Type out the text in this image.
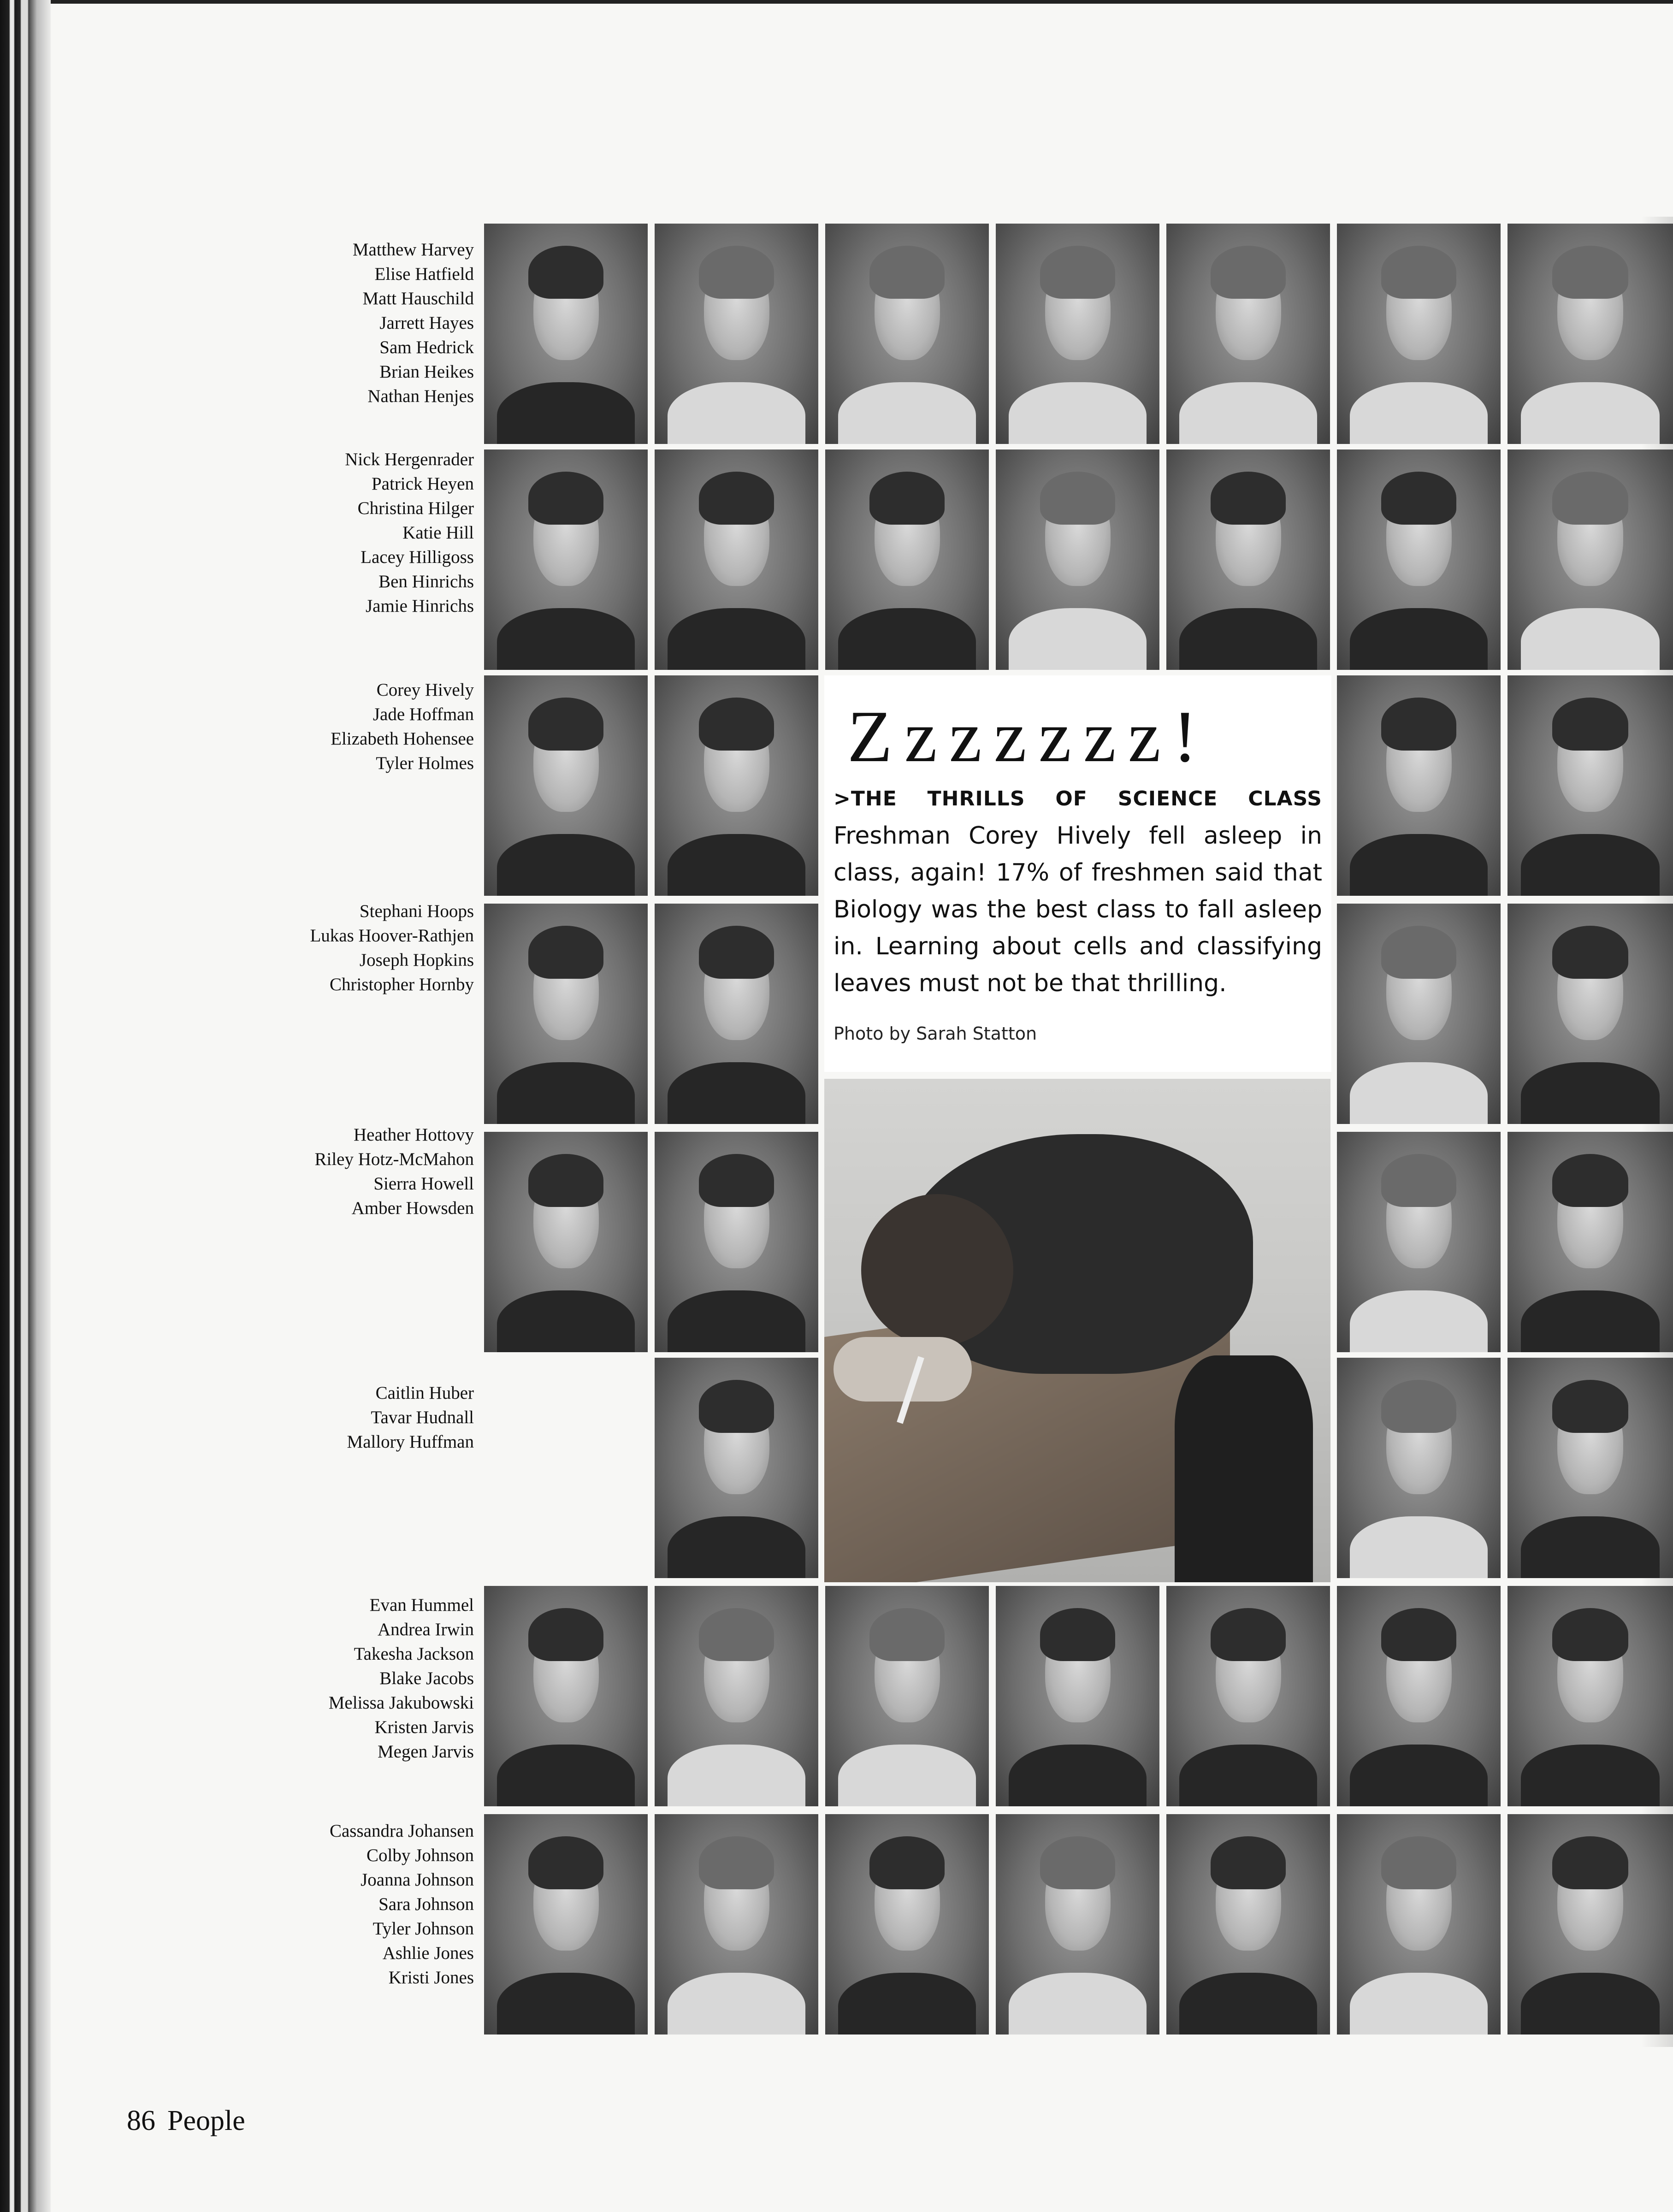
Matthew Harvey
Elise Hatfield
Matt Hauschild
Jarrett Hayes
Sam Hedrick
Brian Heikes
Nathan Henjes
Nick Hergenrader
Patrick Heyen
Christina Hilger
Katie Hill
Lacey Hilligoss
Ben Hinrichs
Jamie Hinrichs
Corey Hively
Jade Hoffman
Elizabeth Hohensee
Tyler Holmes
Stephani Hoops
Lukas Hoover-Rathjen
Joseph Hopkins
Christopher Hornby
Heather Hottovy
Riley Hotz-McMahon
Sierra Howell
Amber Howsden
Caitlin Huber
Tavar Hudnall
Mallory Huffman
Evan Hummel
Andrea Irwin
Takesha Jackson
Blake Jacobs
Melissa Jakubowski
Kristen Jarvis
Megen Jarvis
Cassandra Johansen
Colby Johnson
Joanna Johnson
Sara Johnson
Tyler Johnson
Ashlie Jones
Kristi Jones
Zzzzzzz!
>THE THRILLS OF SCIENCE CLASS Freshman Corey Hively fell asleep in class, again! 17% of freshmen said that Biology was the best class to fall asleep in. Learning about cells and classifying leaves must not be that thrilling.
Photo by Sarah Statton
86 People
